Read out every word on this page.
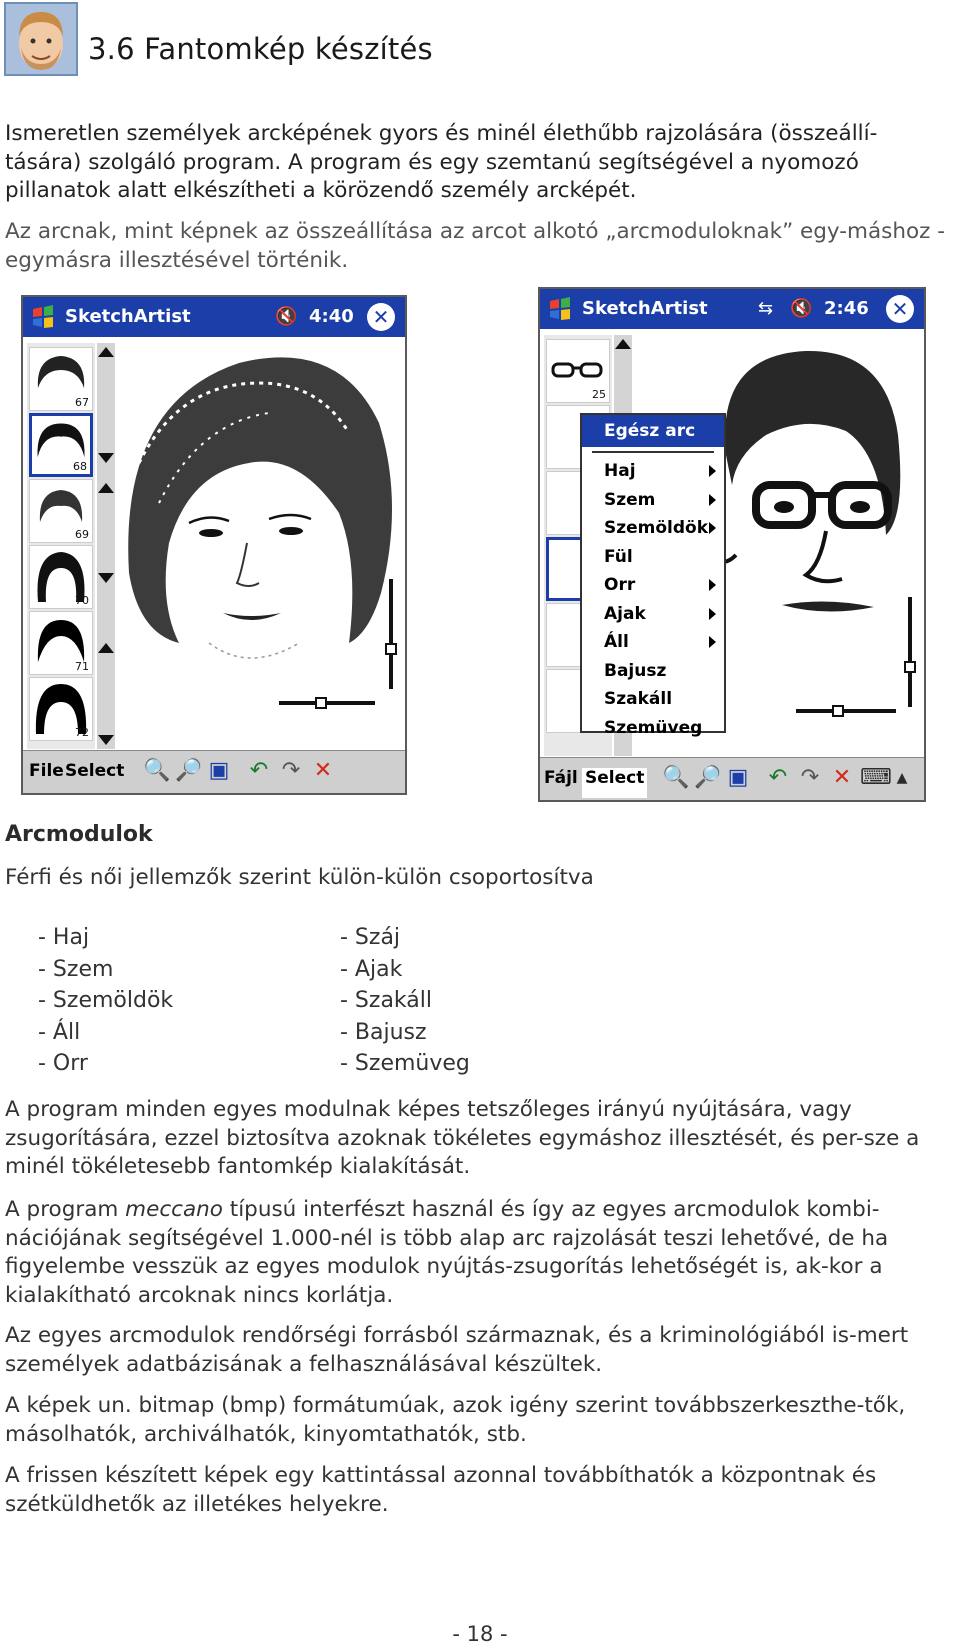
3.6 Fantomkép készítés

Ismeretlen személyek arcképének gyors és minél élethűbb rajzolására (összeállí-tására) szolgáló program. A program és egy szemtanú segítségével a nyomozó pillanatok alatt elkészítheti a körözendő személy arcképét.

Az arcnak, mint képnek az összeállítása az arcot alkotó „arcmoduloknak” egy-máshoz - egymásra illesztésével történik.

SketchArtist	🔇 4:40 ✕
67
68
69
70
71
72
File Select 🔍 🔎 ▣ ↶ ↷ ✕
SketchArtist	⇆ 🔇 2:46 ✕
25
Egész arc
Haj
Szem
Szemöldök
Fül
Orr
Ajak
Áll
Bajusz
Szakáll
Szemüveg
Fájl Select 🔍 🔎 ▣ ↶ ↷ ✕ ⌨ ▲
Arcmodulok

Férfi és női jellemzők szerint külön-külön csoportosítva

- Haj
- Szem
- Szemöldök
- Áll
- Orr
- Száj
- Ajak
- Szakáll
- Bajusz
- Szemüveg

A program minden egyes modulnak képes tetszőleges irányú nyújtására, vagy zsugorítására, ezzel biztosítva azoknak tökéletes egymáshoz illesztését, és per-sze a minél tökéletesebb fantomkép kialakítását.

A program meccano típusú interfészt használ és így az egyes arcmodulok kombi-nációjának segítségével 1.000-nél is több alap arc rajzolását teszi lehetővé, de ha figyelembe vesszük az egyes modulok nyújtás-zsugorítás lehetőségét is, ak-kor a kialakítható arcoknak nincs korlátja.

Az egyes arcmodulok rendőrségi forrásból származnak, és a kriminológiából is-mert személyek adatbázisának a felhasználásával készültek.

A képek un. bitmap (bmp) formátumúak, azok igény szerint továbbszerkeszthe-tők, másolhatók, archiválhatók, kinyomtathatók, stb.

A frissen készített képek egy kattintással azonnal továbbíthatók a központnak és szétküldhetők az illetékes helyekre.

- 18 -
